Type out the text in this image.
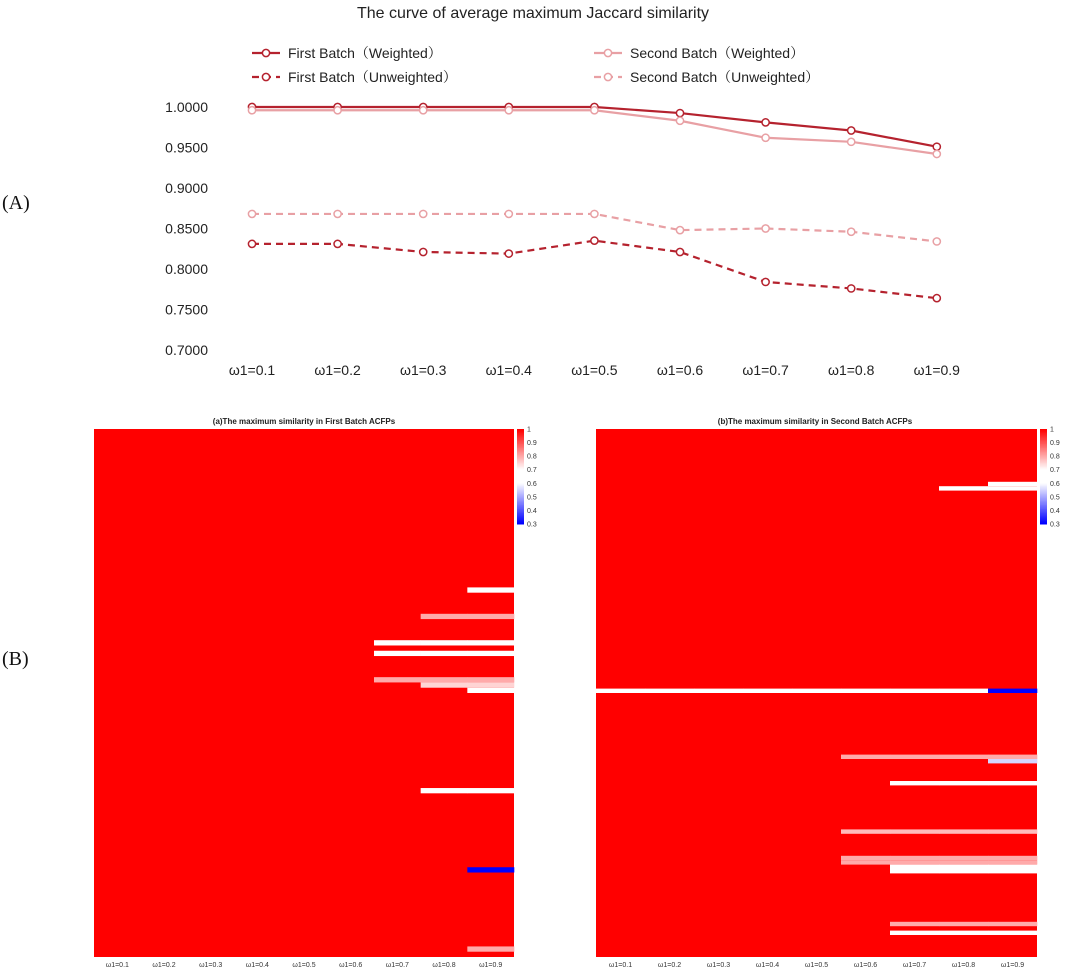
(A)
(B)
The curve of average maximum Jaccard similarity
First Batch（Weighted）
First Batch（Unweighted）
Second Batch（Weighted）
Second Batch（Unweighted）
1.0000
0.9500
0.9000
0.8500
0.8000
0.7500
0.7000
ω1=0.1	ω1=0.2	ω1=0.3	ω1=0.4	ω1=0.5	ω1=0.6	ω1=0.7	ω1=0.8	ω1=0.9
(a)The maximum similarity in First Batch ACFPs
ω1=0.1	ω1=0.2	ω1=0.3	ω1=0.4	ω1=0.5	ω1=0.6	ω1=0.7	ω1=0.8	ω1=0.9
1
0.9
0.8
0.7
0.6
0.5
0.4
0.3
(b)The maximum similarity in Second Batch ACFPs
ω1=0.1	ω1=0.2	ω1=0.3	ω1=0.4	ω1=0.5	ω1=0.6	ω1=0.7	ω1=0.8	ω1=0.9
1
0.9
0.8
0.7
0.6
0.5
0.4
0.3
